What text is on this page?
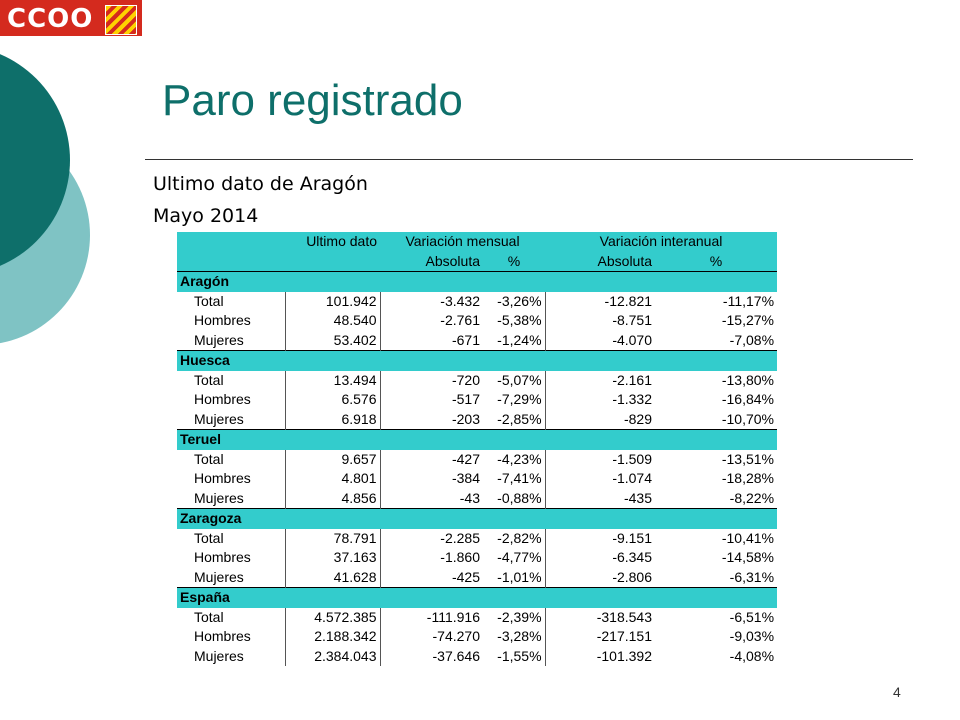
CCOO
Paro registrado
Ultimo dato de Aragón
Mayo 2014
	Ultimo dato	Variación mensual		Variación interanual	
		Absoluta	%	Absoluta	%
Aragón					
Total	101.942	-3.432	-3,26%	-12.821	-11,17%
Hombres	48.540	-2.761	-5,38%	-8.751	-15,27%
Mujeres	53.402	-671	-1,24%	-4.070	-7,08%
Huesca					
Total	13.494	-720	-5,07%	-2.161	-13,80%
Hombres	6.576	-517	-7,29%	-1.332	-16,84%
Mujeres	6.918	-203	-2,85%	-829	-10,70%
Teruel					
Total	9.657	-427	-4,23%	-1.509	-13,51%
Hombres	4.801	-384	-7,41%	-1.074	-18,28%
Mujeres	4.856	-43	-0,88%	-435	-8,22%
Zaragoza					
Total	78.791	-2.285	-2,82%	-9.151	-10,41%
Hombres	37.163	-1.860	-4,77%	-6.345	-14,58%
Mujeres	41.628	-425	-1,01%	-2.806	-6,31%
España					
Total	4.572.385	-111.916	-2,39%	-318.543	-6,51%
Hombres	2.188.342	-74.270	-3,28%	-217.151	-9,03%
Mujeres	2.384.043	-37.646	-1,55%	-101.392	-4,08%
4
